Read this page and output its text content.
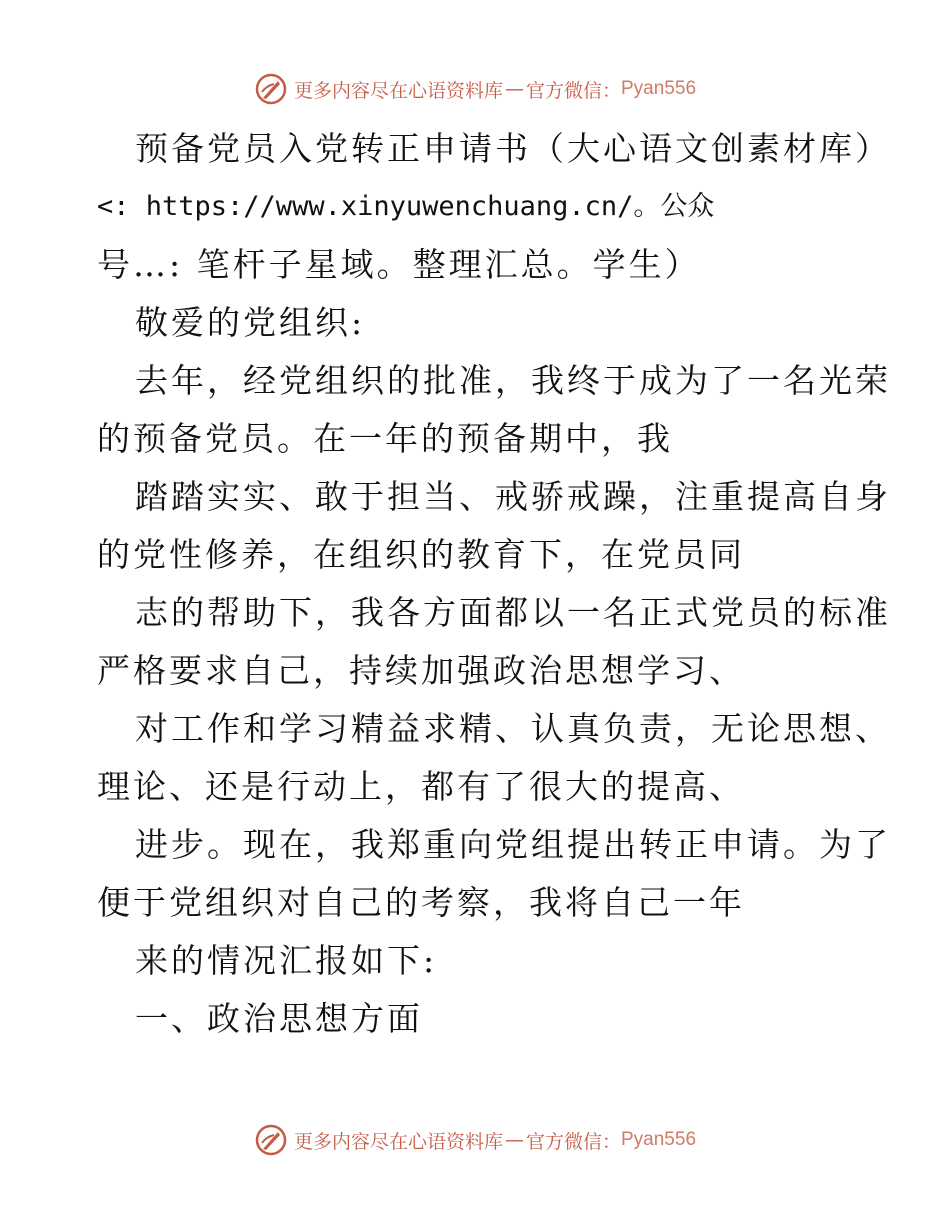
更多内容尽在心语资料库 — 官方微信： Pyan556
预备党员入党转正申请书（大心语文创素材库）
<: https://www.xinyuwenchuang.cn/。公众
号…: 笔杆子星域。整理汇总。学生）
敬爱的党组织:
去年，经党组织的批准，我终于成为了一名光荣
的预备党员。在一年的预备期中，我
踏踏实实、敢于担当、戒骄戒躁，注重提高自身
的党性修养，在组织的教育下，在党员同
志的帮助下，我各方面都以一名正式党员的标准
严格要求自己，持续加强政治思想学习、
对工作和学习精益求精、认真负责，无论思想、
理论、还是行动上，都有了很大的提高、
进步。现在，我郑重向党组提出转正申请。为了
便于党组织对自己的考察，我将自己一年
来的情况汇报如下:
一、政治思想方面
更多内容尽在心语资料库 — 官方微信： Pyan556
